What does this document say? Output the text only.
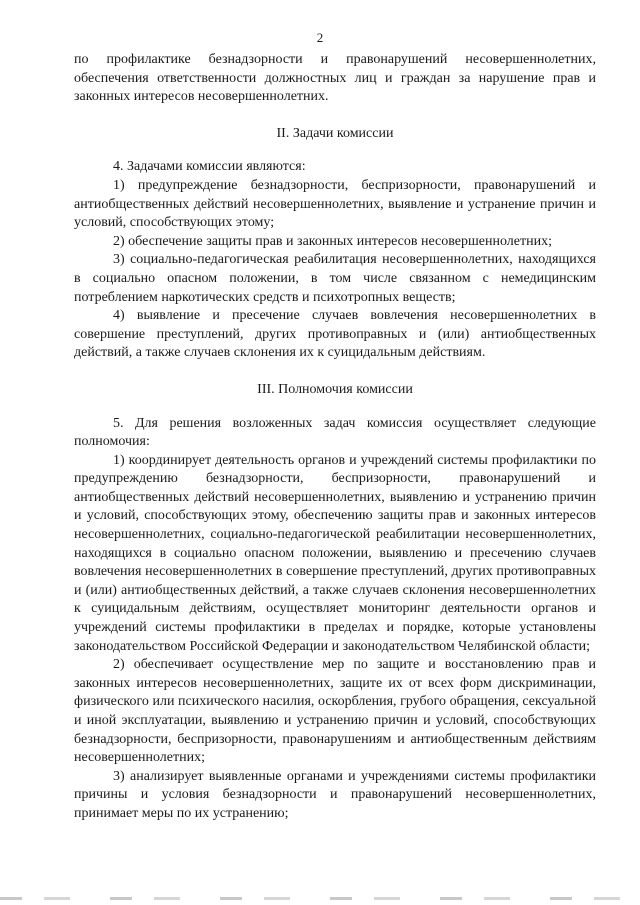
2

по профилактике безнадзорности и правонарушений несовершеннолетних, обеспечения ответственности должностных лиц и граждан за нарушение прав и законных интересов несовершеннолетних.

II. Задачи комиссии

4. Задачами комиссии являются:

1) предупреждение безнадзорности, беспризорности, правонарушений и антиобщественных действий несовершеннолетних, выявление и устранение причин и условий, способствующих этому;

2) обеспечение защиты прав и законных интересов несовершеннолетних;

3) социально-педагогическая реабилитация несовершеннолетних, находящихся в социально опасном положении, в том числе связанном с немедицинским потреблением наркотических средств и психотропных веществ;

4) выявление и пресечение случаев вовлечения несовершеннолетних в совершение преступлений, других противоправных и (или) антиобщественных действий, а также случаев склонения их к суицидальным действиям.

III. Полномочия комиссии

5. Для решения возложенных задач комиссия осуществляет следующие полномочия:

1) координирует деятельность органов и учреждений системы профилактики по предупреждению безнадзорности, беспризорности, правонарушений и антиобщественных действий несовершеннолетних, выявлению и устранению причин и условий, способствующих этому, обеспечению защиты прав и законных интересов несовершеннолетних, социально-педагогической реабилитации несовершеннолетних, находящихся в социально опасном положении, выявлению и пресечению случаев вовлечения несовершеннолетних в совершение преступлений, других противоправных и (или) антиобщественных действий, а также случаев склонения несовершеннолетних к суицидальным действиям, осуществляет мониторинг деятельности органов и учреждений системы профилактики в пределах и порядке, которые установлены законодательством Российской Федерации и законодательством Челябинской области;

2) обеспечивает осуществление мер по защите и восстановлению прав и законных интересов несовершеннолетних, защите их от всех форм дискриминации, физического или психического насилия, оскорбления, грубого обращения, сексуальной и иной эксплуатации, выявлению и устранению причин и условий, способствующих безнадзорности, беспризорности, правонарушениям и антиобщественным действиям несовершеннолетних;

3) анализирует выявленные органами и учреждениями системы профилактики причины и условия безнадзорности и правонарушений несовершеннолетних, принимает меры по их устранению;
